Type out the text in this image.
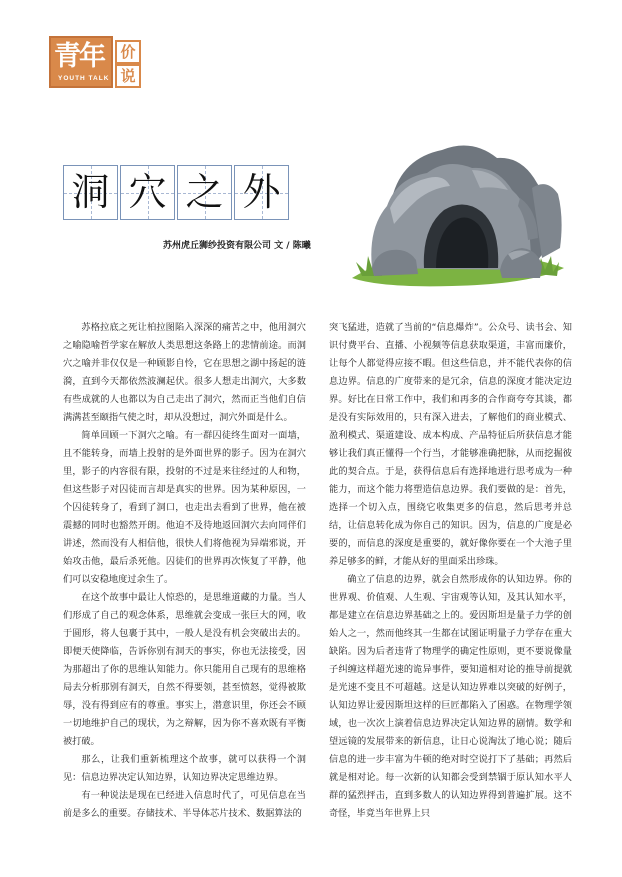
青年
YOUTH TALK
价
说
洞 穴 之 外
苏州虎丘狮纱投资有限公司 文 / 陈曦

苏格拉底之死让柏拉图陷入深深的痛苦之中，他用洞穴之喻隐喻哲学家在解放人类思想这条路上的悲情前途。而洞穴之喻并非仅仅是一种顾影自怜，它在思想之湖中扬起的涟漪，直到今天都依然波澜起伏。很多人想走出洞穴，大多数有些成就的人也都以为自己走出了洞穴，然而正当他们自信满满甚至颐指气使之时，却从没想过，洞穴外面是什么。

简单回顾一下洞穴之喻。有一群囚徒终生面对一面墙，且不能转身，而墙上投射的是外面世界的影子。因为在洞穴里，影子的内容很有限，投射的不过是来往经过的人和物，但这些影子对囚徒而言却是真实的世界。因为某种原因，一个囚徒转身了，看到了洞口，也走出去看到了世界，他在被震撼的同时也豁然开朗。他迫不及待地返回洞穴去向同伴们讲述，然而没有人相信他，很快人们将他视为异端邪说，开始攻击他，最后杀死他。囚徒们的世界再次恢复了平静，他们可以安稳地度过余生了。

在这个故事中最让人惊恐的，是思维道藏的力量。当人们形成了自己的观念体系，思维就会变成一张巨大的网，收于圆形，将人包裹于其中，一般人是没有机会突破出去的。即便天使降临，告诉你别有洞天的事实，你也无法接受，因为那超出了你的思维认知能力。你只能用自己现有的思维格局去分析那别有洞天，自然不得要领，甚至愤怒，觉得被欺辱，没有得到应有的尊重。事实上，潜意识里，你还会不顾一切地维护自己的现状，为之辩解，因为你不喜欢既有平衡被打破。

那么，让我们重新梳理这个故事，就可以获得一个洞见：信息边界决定认知边界，认知边界决定思维边界。

有一种说法是现在已经进入信息时代了，可见信息在当前是多么的重要。存储技术、半导体芯片技术、数据算法的

突飞猛进，造就了当前的“信息爆炸”。公众号、读书会、知识付费平台、直播、小视频等信息获取渠道，丰富而廉价，让每个人都觉得应接不暇。但这些信息，并不能代表你的信息边界。信息的广度带来的是冗余，信息的深度才能决定边界。好比在日常工作中，我们和再多的合作商夸夸其谈，都是没有实际效用的，只有深入进去，了解他们的商业模式、盈利模式、渠道建设、成本构成、产品特征后所获信息才能够让我们真正懂得一个行当，才能够准确把脉，从而挖掘彼此的契合点。于是，获得信息后有选择地进行思考成为一种能力，而这个能力将塑造信息边界。我们要做的是：首先，选择一个切入点，围绕它收集更多的信息，然后思考并总结，让信息转化成为你自己的知识。因为，信息的广度是必要的，而信息的深度是重要的，就好像你要在一个大池子里养足够多的鲜，才能从好的里面采出珍珠。

确立了信息的边界，就会自然形成你的认知边界。你的世界观、价值观、人生观、宇宙观等认知，及其认知水平，都是建立在信息边界基础之上的。爱因斯坦是量子力学的创始人之一，然而他终其一生都在试图证明量子力学存在重大缺陷。因为后者违背了物理学的确定性原则，更不要说像量子纠缠这样超光速的诡异事件，要知道相对论的推导前提就是光速不变且不可超越。这是认知边界难以突破的好例子，认知边界让爱因斯坦这样的巨匠都陷入了困惑。在物理学领域，也一次次上演着信息边界决定认知边界的剧情。数学和望远镜的发展带来的新信息，让日心说淘汰了地心说；随后信息的进一步丰富为牛顿的绝对时空说打下了基础；再然后就是相对论。每一次新的认知都会受到禁锢于原认知水平人群的猛烈抨击，直到多数人的认知边界得到普遍扩展。这不奇怪，毕竟当年世界上只
